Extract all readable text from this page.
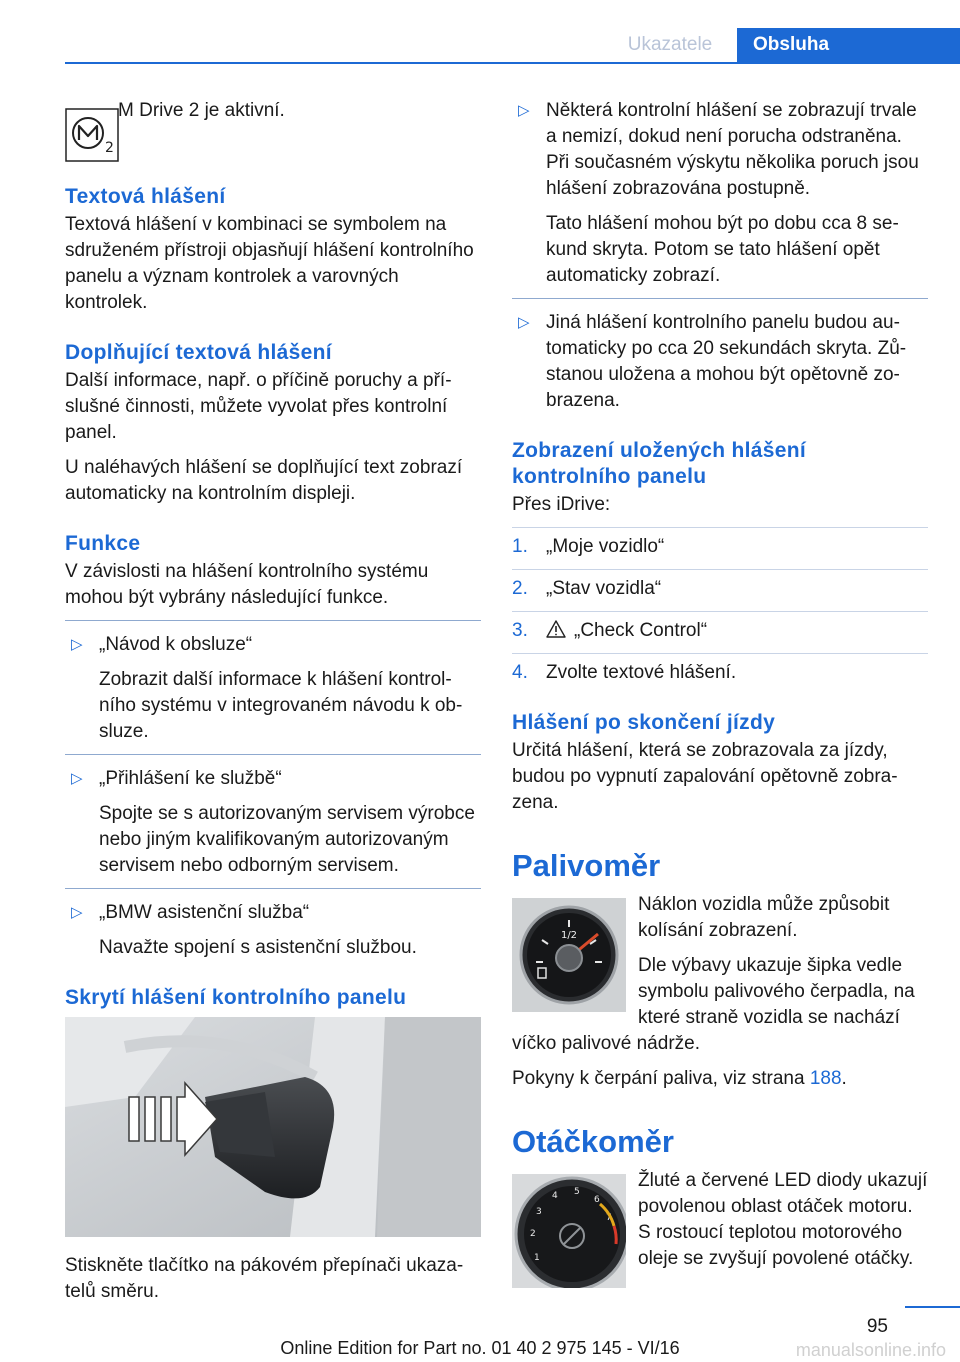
Ukazatele	Obsluha
2

M Drive 2 je aktivní.

Textová hlášení

Textová hlášení v kombinaci se symbolem na sdruženém přístroji objasňují hlášení kontrolního panelu a význam kontrolek a varovných kontrolek.

Doplňující textová hlášení

Další informace, např. o příčině poruchy a příslušné činnosti, můžete vyvolat přes kontrolní panel.

U naléhavých hlášení se doplňující text zobrazí automaticky na kontrolním displeji.

Funkce

V závislosti na hlášení kontrolního systému mohou být vybrány následující funkce.

▷ „Návod k obsluze“

Zobrazit další informace k hlášení kontrolního systému v integrovaném návodu k obsluze.

▷ „Přihlášení ke službě“

Spojte se s autorizovaným servisem výrobce nebo jiným kvalifikovaným autorizovaným servisem nebo odborným servisem.

▷ „BMW asistenční služba“

Navažte spojení s asistenční službou.

Skrytí hlášení kontrolního panelu

Stiskněte tlačítko na pákovém přepínači ukazatelů směru.

▷ Některá kontrolní hlášení se zobrazují trvale a nemizí, dokud není porucha odstraněna. Při současném výskytu několika poruch jsou hlášení zobrazována postupně.

Tato hlášení mohou být po dobu cca 8 sekund skryta. Potom se tato hlášení opět automaticky zobrazí.

▷ Jiná hlášení kontrolního panelu budou automaticky po cca 20 sekundách skryta. Zůstanou uložena a mohou být opětovně zobrazena.

Zobrazení uložených hlášení kontrolního panelu

Přes iDrive:

1. „Moje vozidlo“

2. „Stav vozidla“

3.	„Check Control“

4. Zvolte textové hlášení.

Hlášení po skončení jízdy

Určitá hlášení, která se zobrazovala za jízdy, budou po vypnutí zapalování opětovně zobrazena.

Palivoměr
1/2

Náklon vozidla může způsobit kolísání zobrazení.

Dle výbavy ukazuje šipka vedle symbolu palivového čerpadla, na které straně vozidla se nachází víčko palivové nádrže.

Pokyny k čerpání paliva, viz strana 188.

Otáčkoměr
1
2
3
4 5
6
7

Žluté a červené LED diody ukazují povolenou oblast otáček motoru. S rostoucí teplotou motorového oleje se zvyšují povolené otáčky.

95
Online Edition for Part no. 01 40 2 975 145 - VI/16	manualsonline.info
